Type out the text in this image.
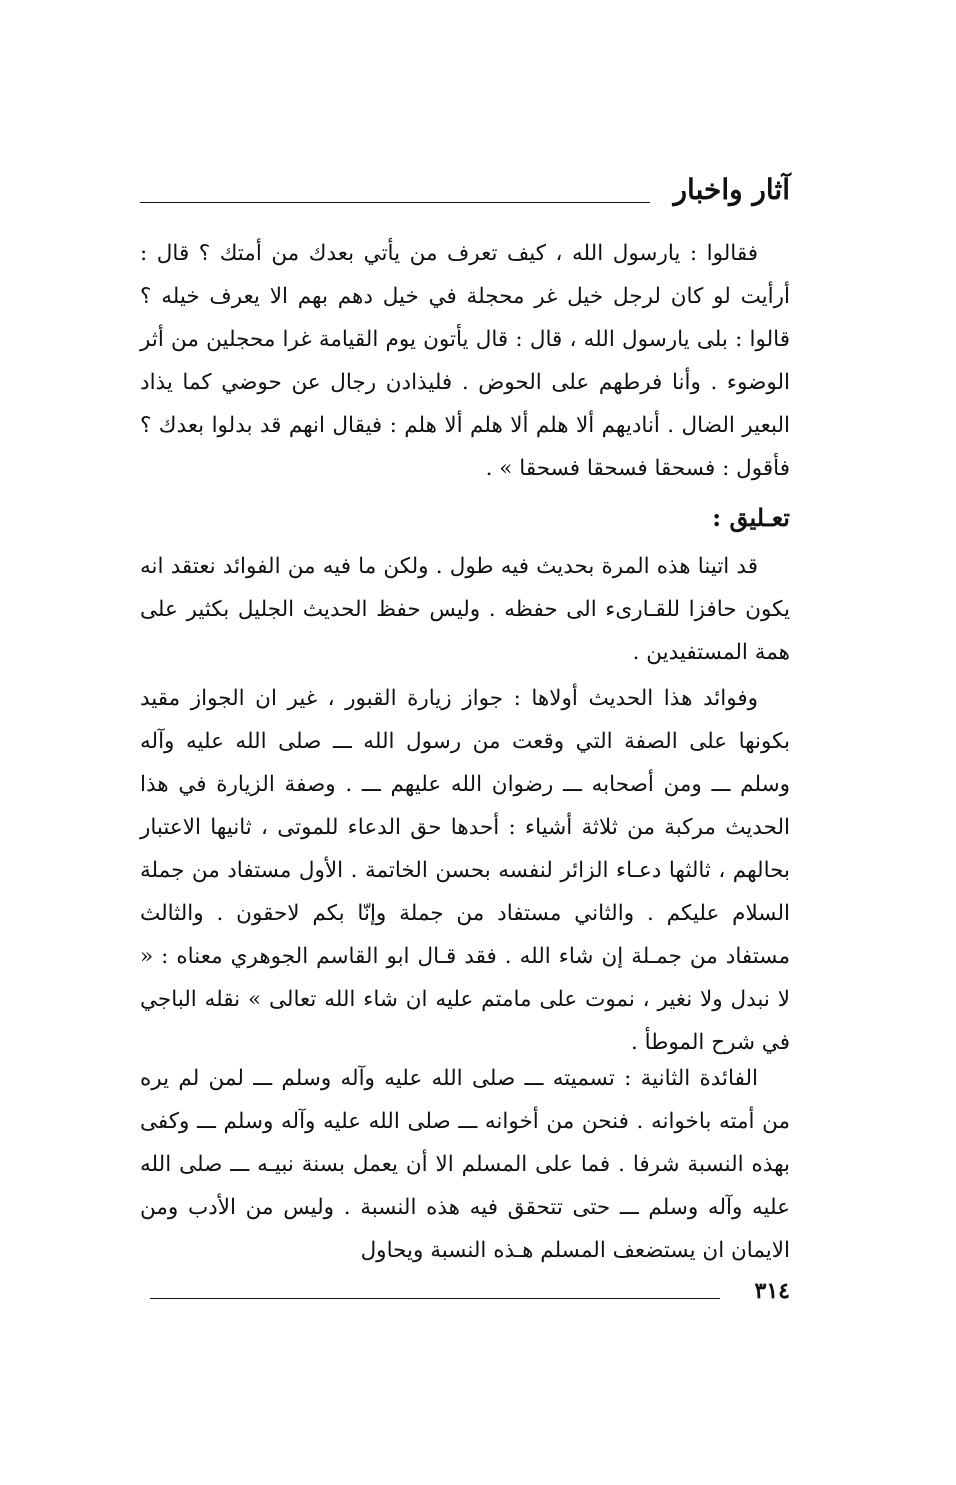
آثار واخبار

فقالوا : يارسول الله ، كيف تعرف من يأتي بعدك من أمتك ؟ قال : أرأيت لو كان لرجل خيل غر محجلة في خيل دهم بهم الا يعرف خيله ؟ قالوا : بلى يارسول الله ، قال : قال يأتون يوم القيامة غرا محجلين من أثر الوضوء . وأنا فرطهم على الحوض . فليذادن رجال عن حوضي كما يذاد البعير الضال . أناديهم ألا هلم ألا هلم ألا هلم : فيقال انهم قد بدلوا بعدك ؟ فأقول : فسحقا فسحقا فسحقا » .

تعـليق :

قد اتينا هذه المرة بحديث فيه طول . ولكن ما فيه من الفوائد نعتقد انه يكون حافزا للقـارىء الى حفظه . وليس حفظ الحديث الجليل بكثير على همة المستفيدين .

وفوائد هذا الحديث أولاها : جواز زيارة القبور ، غير ان الجواز مقيد بكونها على الصفة التي وقعت من رسول الله ـــ صلى الله عليه وآله وسلم ـــ ومن أصحابه ـــ رضوان الله عليهم ـــ . وصفة الزيارة في هذا الحديث مركبة من ثلاثة أشياء : أحدها حق الدعاء للموتى ، ثانيها الاعتبار بحالهم ، ثالثها دعـاء الزائر لنفسه بحسن الخاتمة . الأول مستفاد من جملة السلام عليكم . والثاني مستفاد من جملة وإنّا بكم لاحقون . والثالث مستفاد من جمـلة إن شاء الله . فقد قـال ابو القاسم الجوهري معناه : « لا نبدل ولا نغير ، نموت على مامتم عليه ان شاء الله تعالى » نقله الباجي في شرح الموطأ .

الفائدة الثانية : تسميته ـــ صلى الله عليه وآله وسلم ـــ لمن لم يره من أمته باخوانه . فنحن من أخوانه ـــ صلى الله عليه وآله وسلم ـــ وكفى بهذه النسبة شرفا . فما على المسلم الا أن يعمل بسنة نبيـه ـــ صلى الله عليه وآله وسلم ـــ حتى تتحقق فيه هذه النسبة . وليس من الأدب ومن الايمان ان يستضعف المسلم هـذه النسبة ويحاول

٣١٤
